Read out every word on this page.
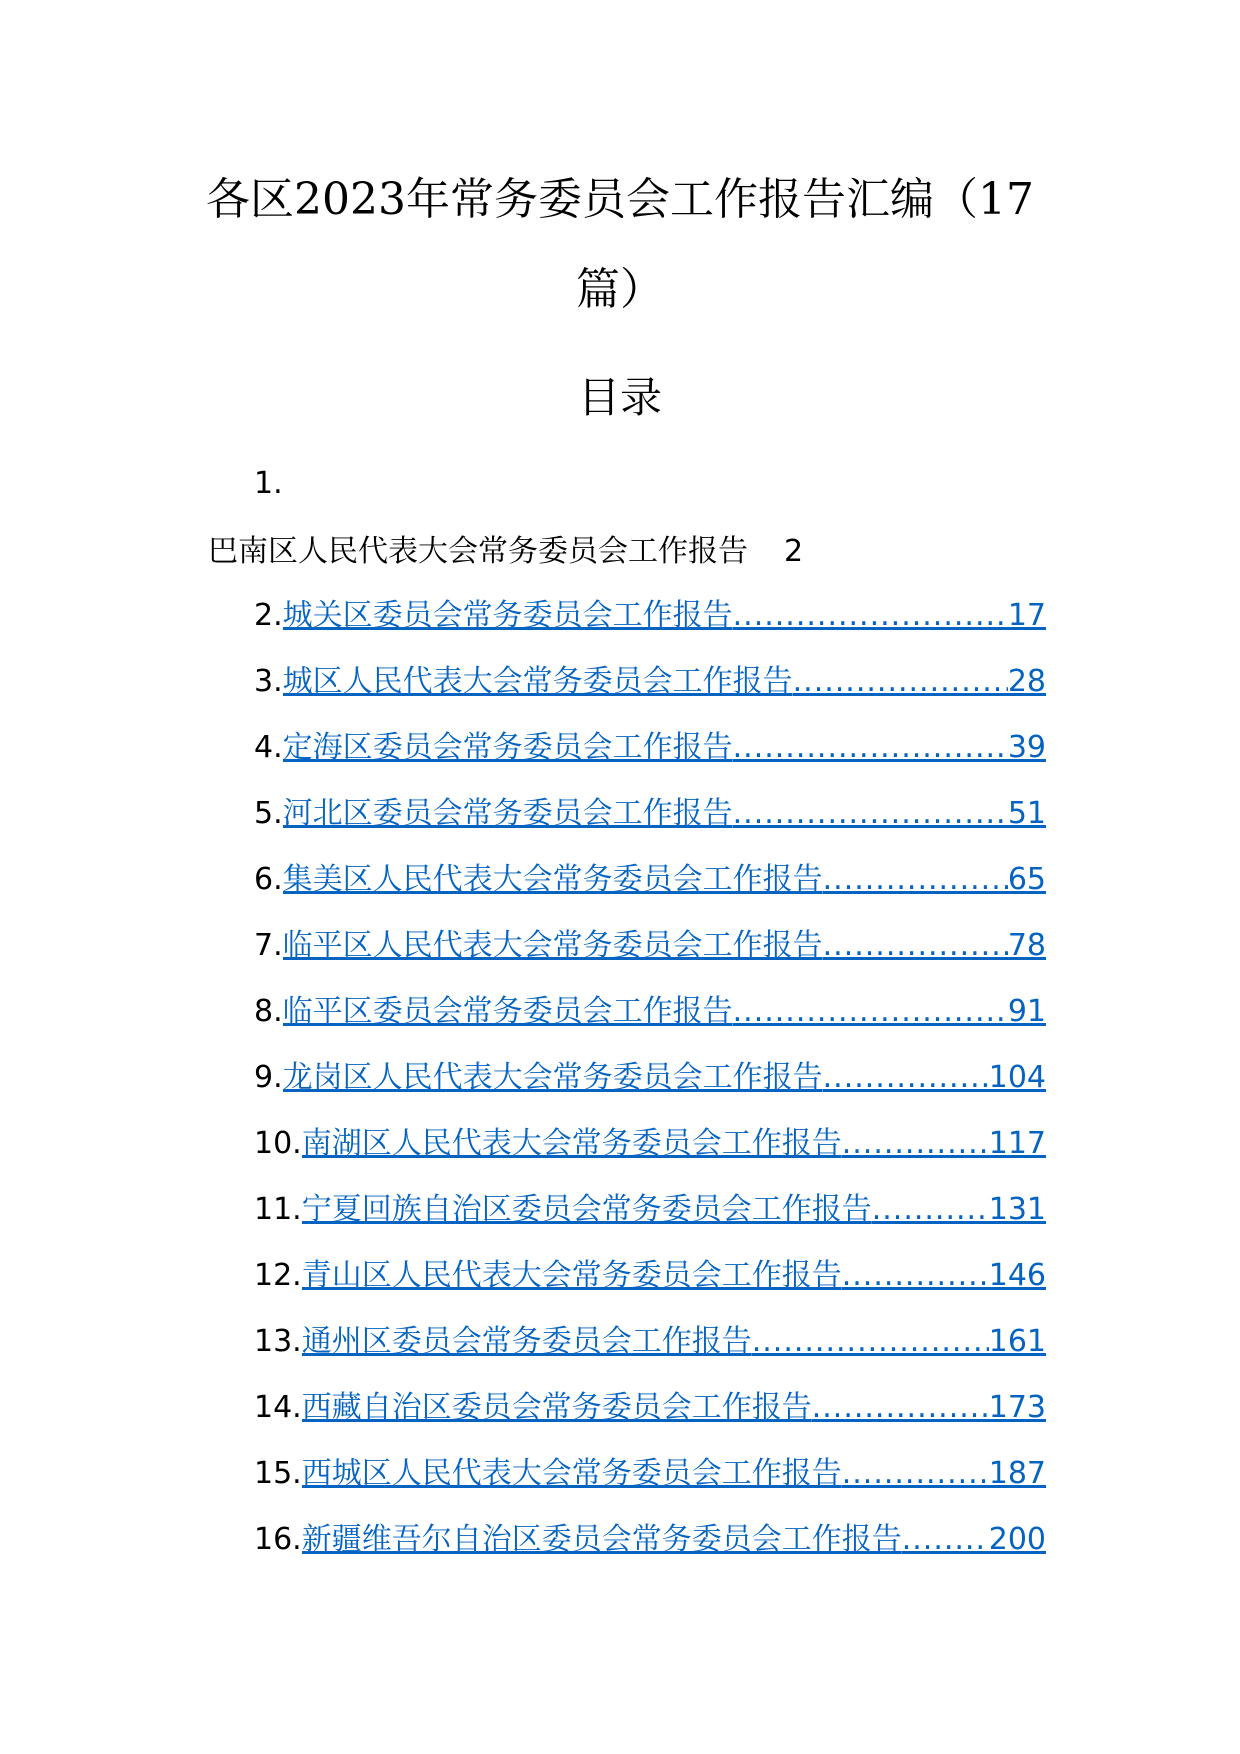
各区2023年常务委员会工作报告汇编（17
篇）
目录
1.
巴南区人民代表大会常务委员会工作报告 2
2. 城关区委员会常务委员会工作报告 .....	17
3. 城区人民代表大会常务委员会工作报告 .....	28
4. 定海区委员会常务委员会工作报告 .....	39
5. 河北区委员会常务委员会工作报告 .....	51
6. 集美区人民代表大会常务委员会工作报告 .....	65
7. 临平区人民代表大会常务委员会工作报告 .....	78
8. 临平区委员会常务委员会工作报告 .....	91
9. 龙岗区人民代表大会常务委员会工作报告 .....	104
10. 南湖区人民代表大会常务委员会工作报告 .....	117
11. 宁夏回族自治区委员会常务委员会工作报告 .....	131
12. 青山区人民代表大会常务委员会工作报告 .....	146
13. 通州区委员会常务委员会工作报告 .....	161
14. 西藏自治区委员会常务委员会工作报告 .....	173
15. 西城区人民代表大会常务委员会工作报告 .....	187
16. 新疆维吾尔自治区委员会常务委员会工作报告 .....	200
